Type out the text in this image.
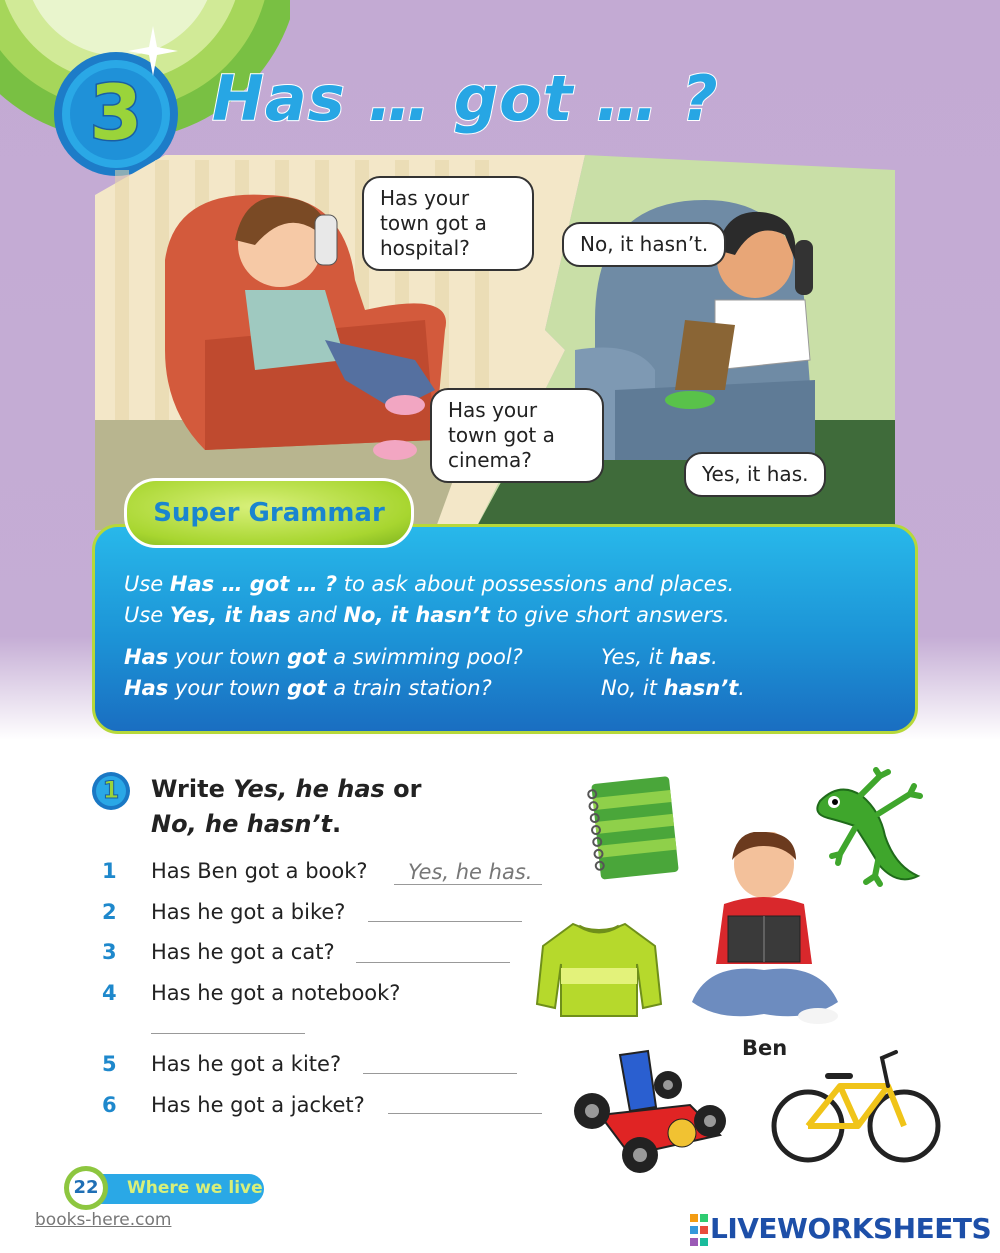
3	Has … got … ?
Has your town got a hospital?	No, it hasn’t.
Has your town got a cinema?
Yes, it has.
Super Grammar
Use Has … got … ? to ask about possessions and places.
Use Yes, it has and No, it hasn’t to give short answers.
Has your town got a swimming pool?	Yes, it has.
Has your town got a train station?	No, it hasn’t.
1	Write Yes, he has or
No, he hasn’t.
1 Has Ben got a book? Yes, he has.
2 Has he got a bike?
3 Has he got a cat?
4 Has he got a notebook?
5 Has he got a kite?
6 Has he got a jacket?
Ben
22	Where we live
books-here.com	LIVEWORKSHEETS
